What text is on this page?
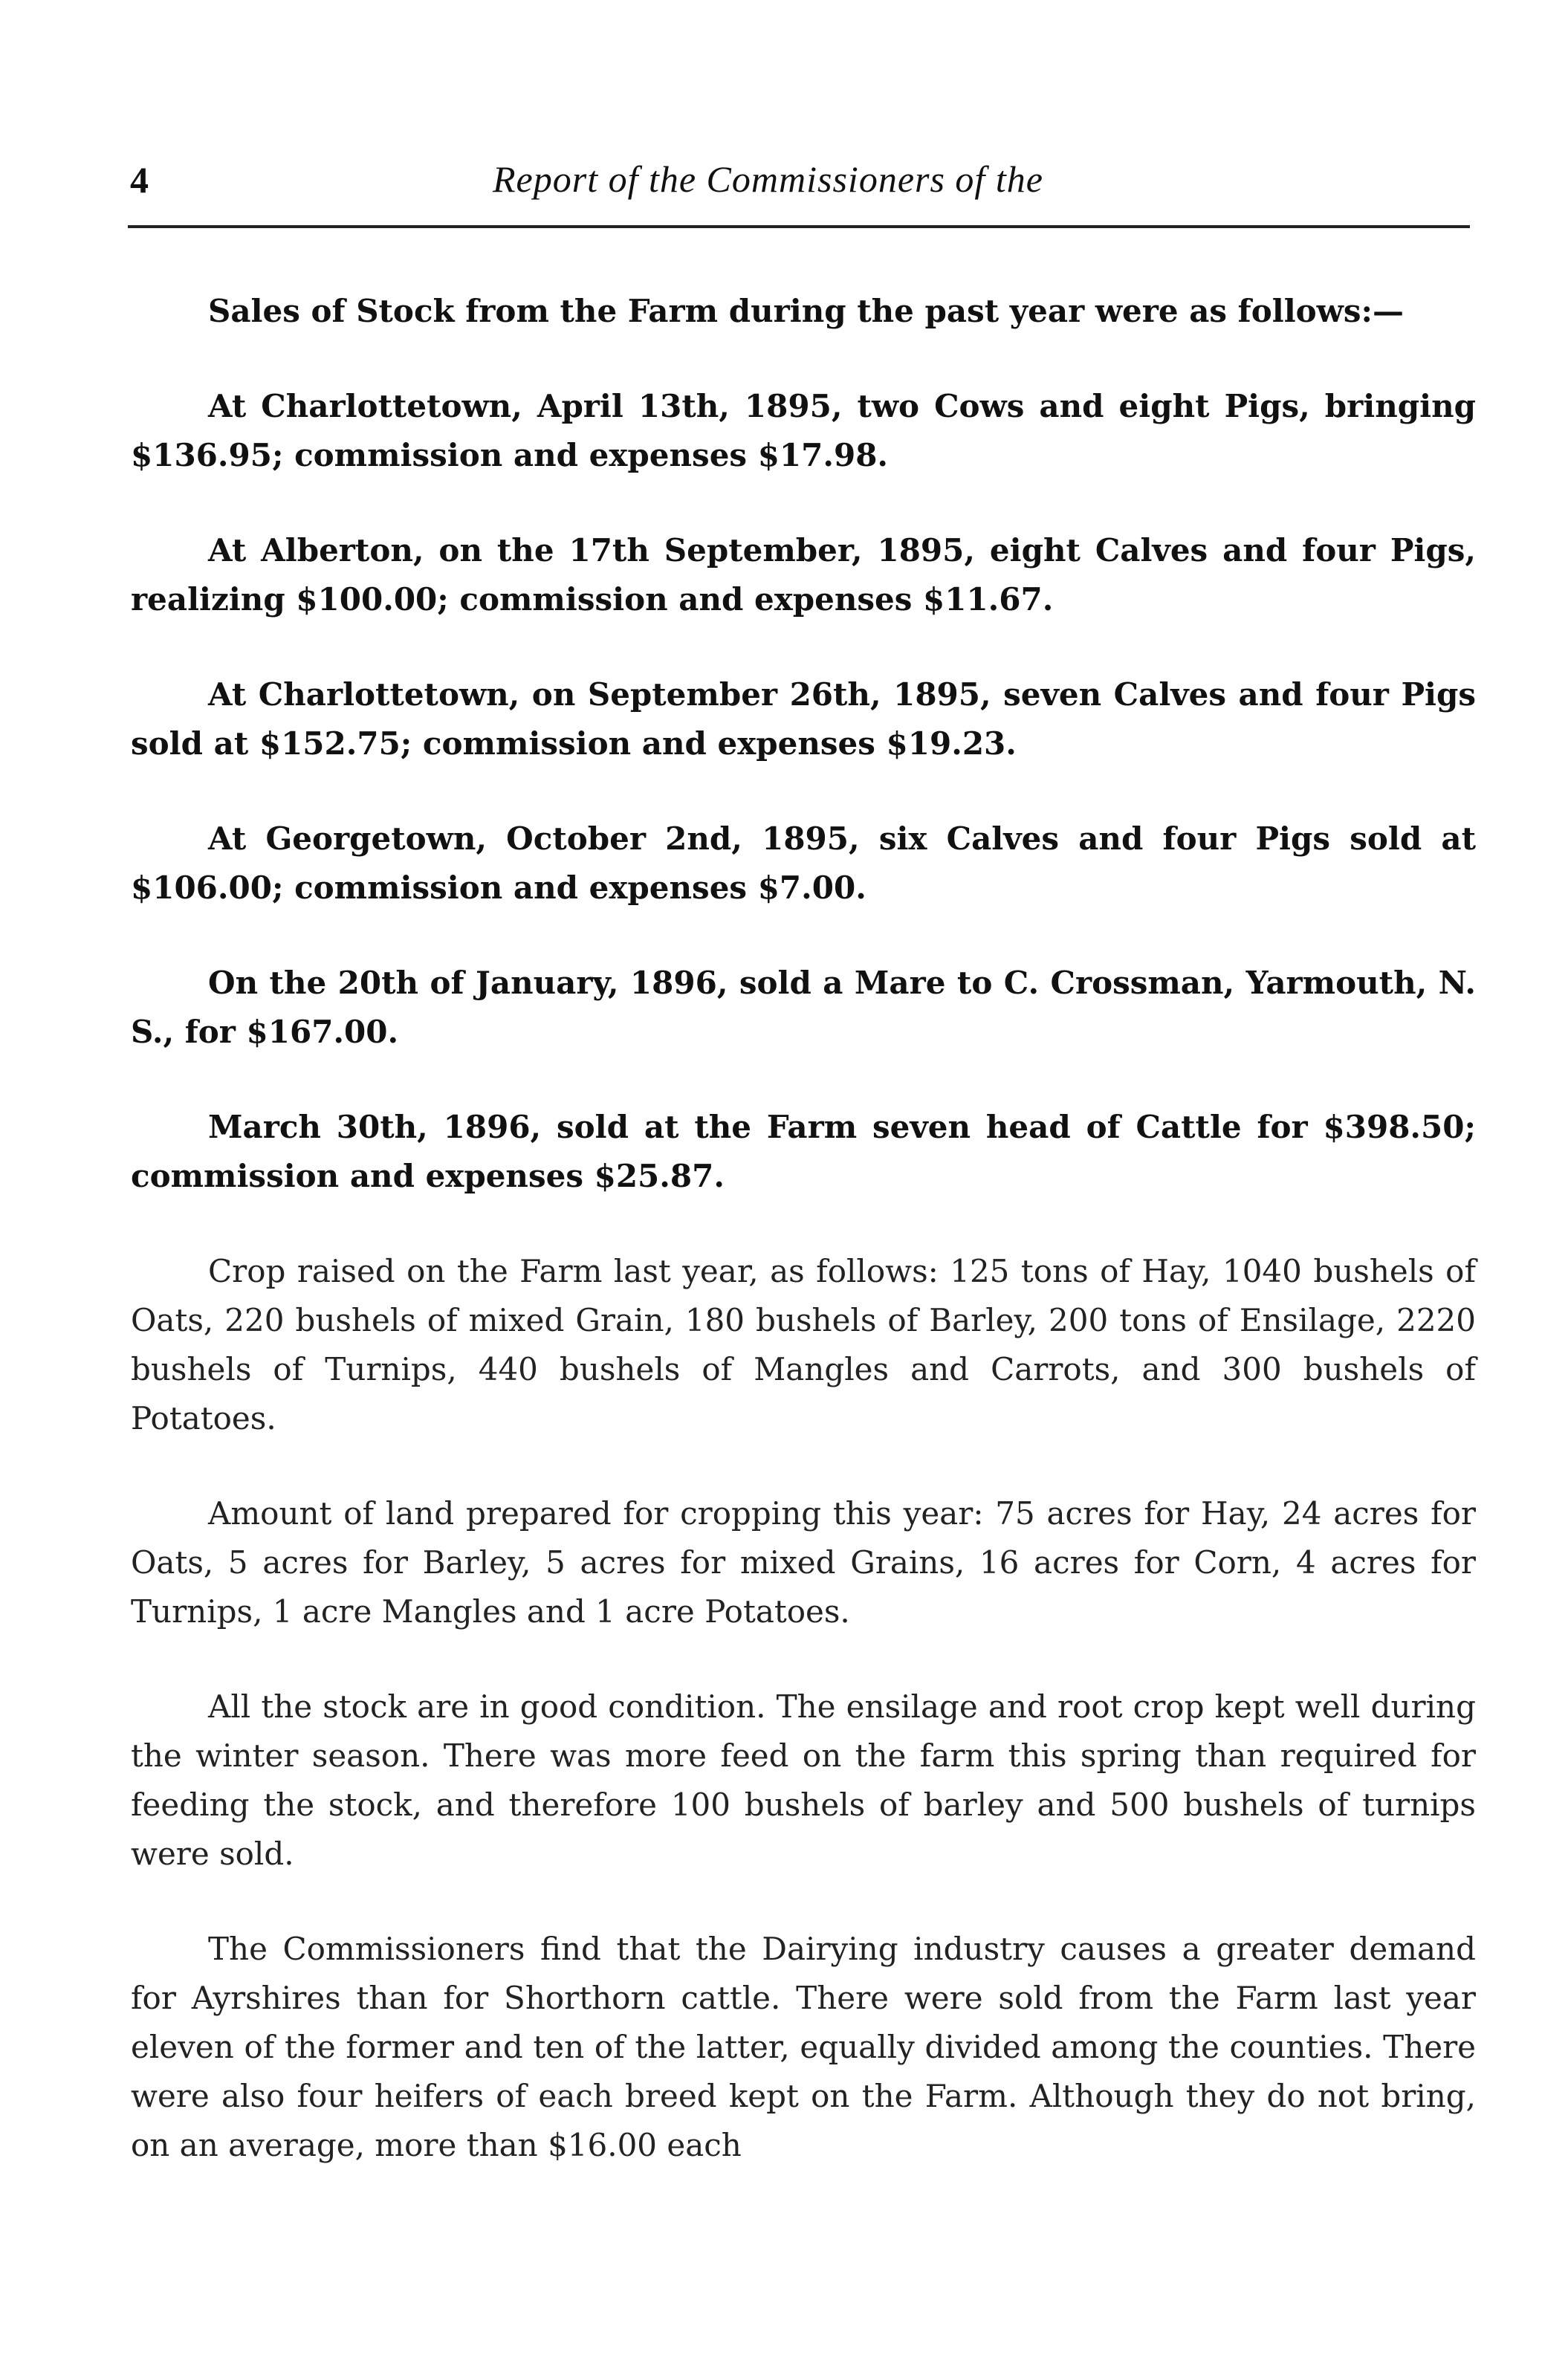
4	Report of the Commissioners of the

Sales of Stock from the Farm during the past year were as follows:—

At Charlottetown, April 13th, 1895, two Cows and eight Pigs, bringing $136.95; commission and expenses $17.98.

At Alberton, on the 17th September, 1895, eight Calves and four Pigs, realizing $100.00; commission and expenses $11.67.

At Charlottetown, on September 26th, 1895, seven Calves and four Pigs sold at $152.75; commission and expenses $19.23.

At Georgetown, October 2nd, 1895, six Calves and four Pigs sold at $106.00; commission and expenses $7.00.

On the 20th of January, 1896, sold a Mare to C. Crossman, Yarmouth, N. S., for $167.00.

March 30th, 1896, sold at the Farm seven head of Cattle for $398.50; commission and expenses $25.87.

Crop raised on the Farm last year, as follows: 125 tons of Hay, 1040 bushels of Oats, 220 bushels of mixed Grain, 180 bushels of Barley, 200 tons of Ensilage, 2220 bushels of Turnips, 440 bushels of Mangles and Carrots, and 300 bushels of Potatoes.

Amount of land prepared for cropping this year: 75 acres for Hay, 24 acres for Oats, 5 acres for Barley, 5 acres for mixed Grains, 16 acres for Corn, 4 acres for Turnips, 1 acre Mangles and 1 acre Potatoes.

All the stock are in good condition. The ensilage and root crop kept well during the winter season. There was more feed on the farm this spring than required for feeding the stock, and therefore 100 bushels of barley and 500 bushels of turnips were sold.

The Commissioners find that the Dairying industry causes a greater demand for Ayrshires than for Shorthorn cattle. There were sold from the Farm last year eleven of the former and ten of the latter, equally divided among the counties. There were also four heifers of each breed kept on the Farm. Although they do not bring, on an average, more than $16.00 each
